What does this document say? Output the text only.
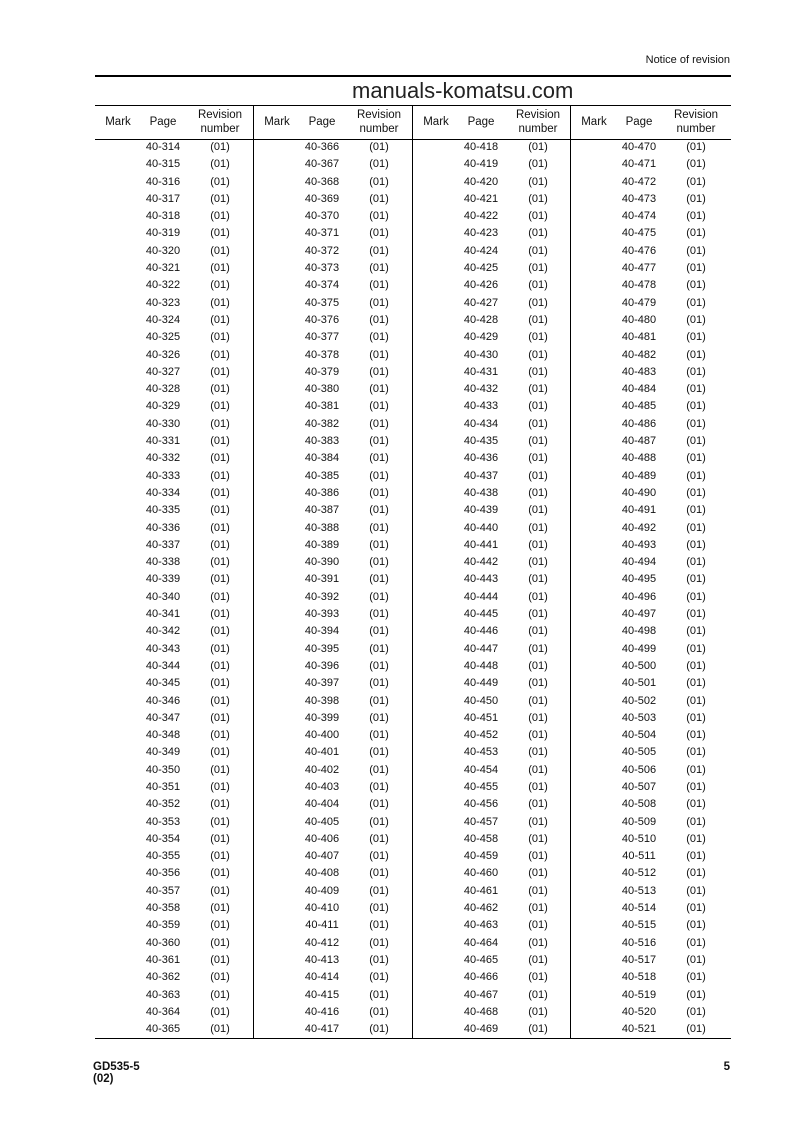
Notice of revision
Mark	Page
Revision
number
40-314	(01)
40-315	(01)
40-316	(01)
40-317	(01)
40-318	(01)
40-319	(01)
40-320	(01)
40-321	(01)
40-322	(01)
40-323	(01)
40-324	(01)
40-325	(01)
40-326	(01)
40-327	(01)
40-328	(01)
40-329	(01)
40-330	(01)
40-331	(01)
40-332	(01)
40-333	(01)
40-334	(01)
40-335	(01)
40-336	(01)
40-337	(01)
40-338	(01)
40-339	(01)
40-340	(01)
40-341	(01)
40-342	(01)
40-343	(01)
40-344	(01)
40-345	(01)
40-346	(01)
40-347	(01)
40-348	(01)
40-349	(01)
40-350	(01)
40-351	(01)
40-352	(01)
40-353	(01)
40-354	(01)
40-355	(01)
40-356	(01)
40-357	(01)
40-358	(01)
40-359	(01)
40-360	(01)
40-361	(01)
40-362	(01)
40-363	(01)
40-364	(01)
40-365	(01)
Mark	Page
Revision
number
40-366	(01)
40-367	(01)
40-368	(01)
40-369	(01)
40-370	(01)
40-371	(01)
40-372	(01)
40-373	(01)
40-374	(01)
40-375	(01)
40-376	(01)
40-377	(01)
40-378	(01)
40-379	(01)
40-380	(01)
40-381	(01)
40-382	(01)
40-383	(01)
40-384	(01)
40-385	(01)
40-386	(01)
40-387	(01)
40-388	(01)
40-389	(01)
40-390	(01)
40-391	(01)
40-392	(01)
40-393	(01)
40-394	(01)
40-395	(01)
40-396	(01)
40-397	(01)
40-398	(01)
40-399	(01)
40-400	(01)
40-401	(01)
40-402	(01)
40-403	(01)
40-404	(01)
40-405	(01)
40-406	(01)
40-407	(01)
40-408	(01)
40-409	(01)
40-410	(01)
40-411	(01)
40-412	(01)
40-413	(01)
40-414	(01)
40-415	(01)
40-416	(01)
40-417	(01)
Mark	Page
Revision
number
40-418	(01)
40-419	(01)
40-420	(01)
40-421	(01)
40-422	(01)
40-423	(01)
40-424	(01)
40-425	(01)
40-426	(01)
40-427	(01)
40-428	(01)
40-429	(01)
40-430	(01)
40-431	(01)
40-432	(01)
40-433	(01)
40-434	(01)
40-435	(01)
40-436	(01)
40-437	(01)
40-438	(01)
40-439	(01)
40-440	(01)
40-441	(01)
40-442	(01)
40-443	(01)
40-444	(01)
40-445	(01)
40-446	(01)
40-447	(01)
40-448	(01)
40-449	(01)
40-450	(01)
40-451	(01)
40-452	(01)
40-453	(01)
40-454	(01)
40-455	(01)
40-456	(01)
40-457	(01)
40-458	(01)
40-459	(01)
40-460	(01)
40-461	(01)
40-462	(01)
40-463	(01)
40-464	(01)
40-465	(01)
40-466	(01)
40-467	(01)
40-468	(01)
40-469	(01)
Mark	Page
Revision
number
40-470	(01)
40-471	(01)
40-472	(01)
40-473	(01)
40-474	(01)
40-475	(01)
40-476	(01)
40-477	(01)
40-478	(01)
40-479	(01)
40-480	(01)
40-481	(01)
40-482	(01)
40-483	(01)
40-484	(01)
40-485	(01)
40-486	(01)
40-487	(01)
40-488	(01)
40-489	(01)
40-490	(01)
40-491	(01)
40-492	(01)
40-493	(01)
40-494	(01)
40-495	(01)
40-496	(01)
40-497	(01)
40-498	(01)
40-499	(01)
40-500	(01)
40-501	(01)
40-502	(01)
40-503	(01)
40-504	(01)
40-505	(01)
40-506	(01)
40-507	(01)
40-508	(01)
40-509	(01)
40-510	(01)
40-511	(01)
40-512	(01)
40-513	(01)
40-514	(01)
40-515	(01)
40-516	(01)
40-517	(01)
40-518	(01)
40-519	(01)
40-520	(01)
40-521	(01)
manuals-komatsu.com
GD535-5
(02)
5
